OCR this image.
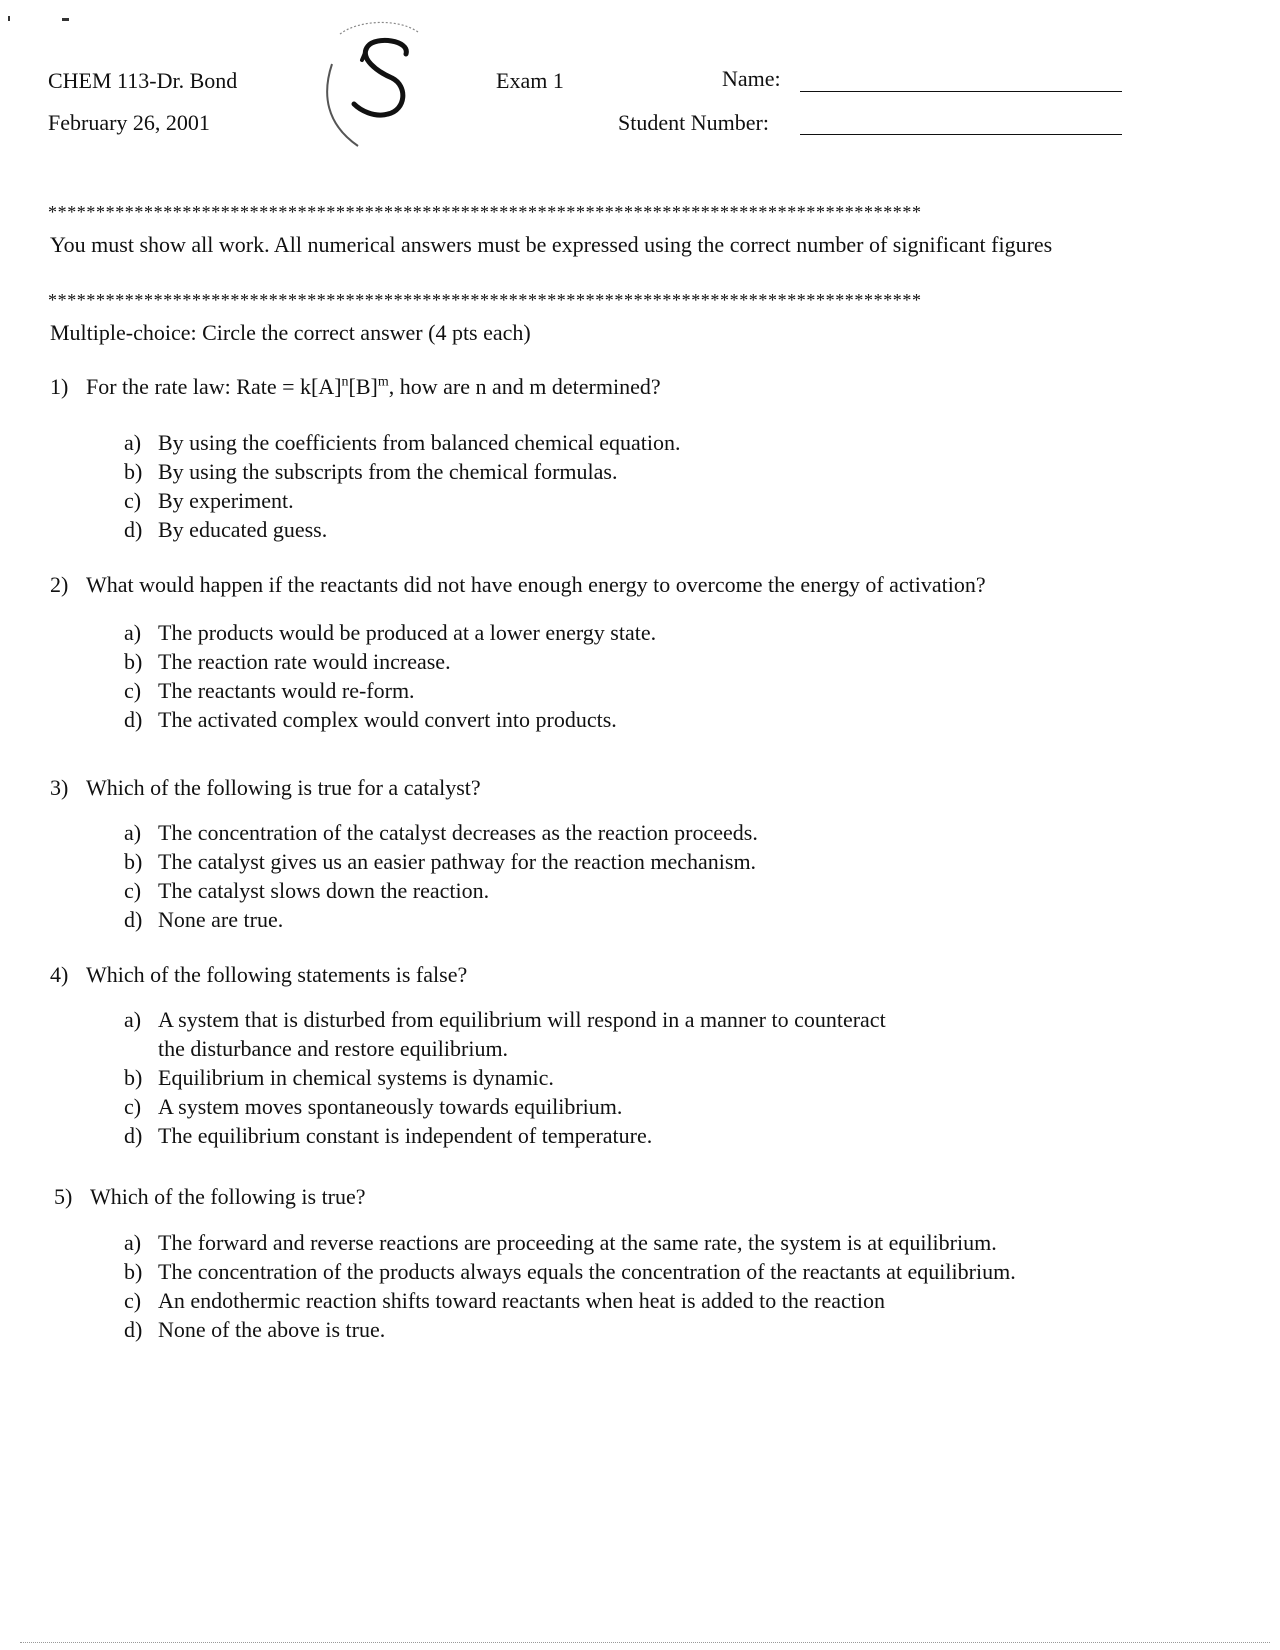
CHEM 113-Dr. Bond
February 26, 2001
Exam 1	Name:
Student Number:
*******************************************************************************************
You must show all work. All numerical answers must be expressed using the correct number of significant figures
*******************************************************************************************
Multiple-choice: Circle the correct answer (4 pts each)
1) For the rate law: Rate = $k[A]^n[B]^m$, how are n and m determined?
a) By using the coefficients from balanced chemical equation.
b) By using the subscripts from the chemical formulas.
c) By experiment.
d) By educated guess.
2) What would happen if the reactants did not have enough energy to overcome the energy of activation?
a) The products would be produced at a lower energy state.
b) The reaction rate would increase.
c) The reactants would re-form.
d) The activated complex would convert into products.
3) Which of the following is true for a catalyst?
a) The concentration of the catalyst decreases as the reaction proceeds.
b) The catalyst gives us an easier pathway for the reaction mechanism.
c) The catalyst slows down the reaction.
d) None are true.
4) Which of the following statements is false?
a) A system that is disturbed from equilibrium will respond in a manner to counteract
the disturbance and restore equilibrium.
b) Equilibrium in chemical systems is dynamic.
c) A system moves spontaneously towards equilibrium.
d) The equilibrium constant is independent of temperature.
5) Which of the following is true?
a) The forward and reverse reactions are proceeding at the same rate, the system is at equilibrium.
b) The concentration of the products always equals the concentration of the reactants at equilibrium.
c) An endothermic reaction shifts toward reactants when heat is added to the reaction
d) None of the above is true.
